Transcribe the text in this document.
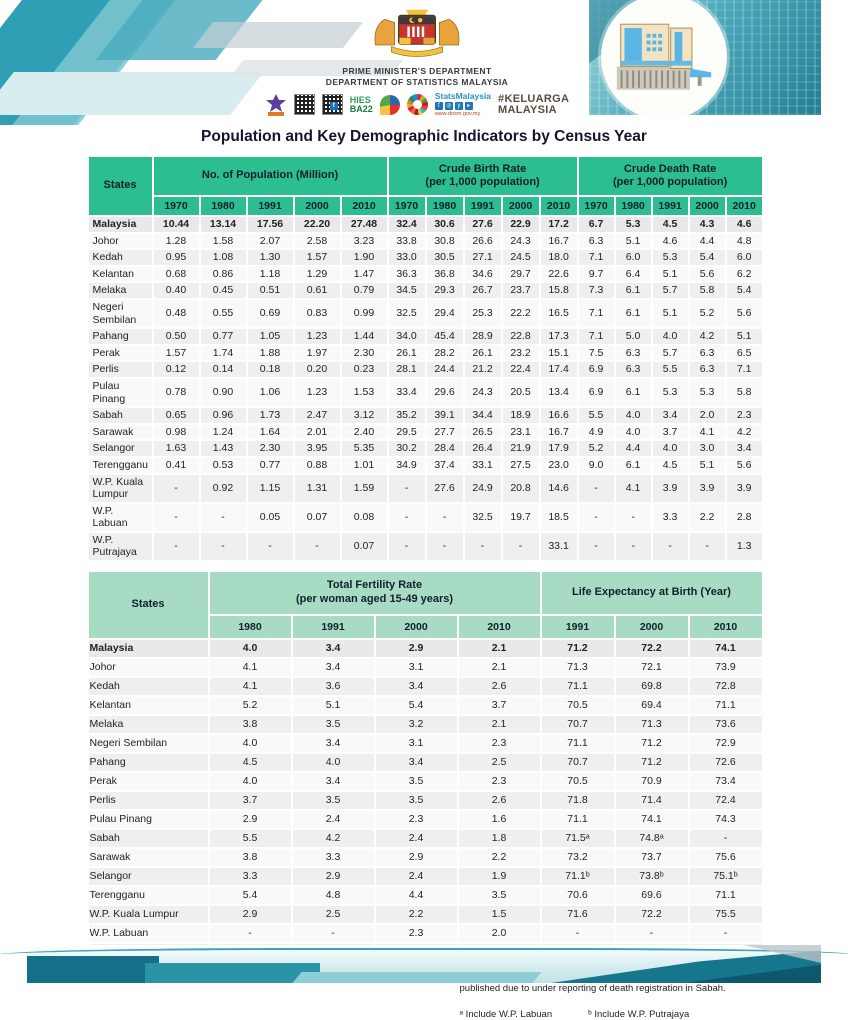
PRIME MINISTER'S DEPARTMENT
DEPARTMENT OF STATISTICS MALAYSIA
f
HIES
BA22
StatsMalaysia
f	◎ y	▸
www.dosm.gov.my
#KELUARGA
MALAYSIA
Population and Key Demographic Indicators by Census Year
States	
No. of Population (Million)

Crude Birth Rate
(per 1,000 population)

Crude Death Rate
(per 1,000 population)

	1970	1980	1991	2000	2010	1970	1980	1991	2000	2010	1970	1980	1991	2000	2010
Malaysia	10.44	13.14	17.56	22.20	27.48	32.4	30.6	27.6	22.9	17.2	6.7	5.3	4.5	4.3	4.6
Johor	1.28	1.58	2.07	2.58	3.23	33.8	30.8	26.6	24.3	16.7	6.3	5.1	4.6	4.4	4.8
Kedah	0.95	1.08	1.30	1.57	1.90	33.0	30.5	27.1	24.5	18.0	7.1	6.0	5.3	5.4	6.0
Kelantan	0.68	0.86	1.18	1.29	1.47	36.3	36.8	34.6	29.7	22.6	9.7	6.4	5.1	5.6	6.2
Melaka	0.40	0.45	0.51	0.61	0.79	34.5	29.3	26.7	23.7	15.8	7.3	6.1	5.7	5.8	5.4
Negeri Sembilan	0.48	0.55	0.69	0.83	0.99	32.5	29.4	25.3	22.2	16.5	7.1	6.1	5.1	5.2	5.6
Pahang	0.50	0.77	1.05	1.23	1.44	34.0	45.4	28.9	22.8	17.3	7.1	5.0	4.0	4.2	5.1
Perak	1.57	1.74	1.88	1.97	2.30	26.1	28.2	26.1	23.2	15.1	7.5	6.3	5.7	6.3	6.5
Perlis	0.12	0.14	0.18	0.20	0.23	28.1	24.4	21.2	22.4	17.4	6.9	6.3	5.5	6.3	7.1
Pulau Pinang	0.78	0.90	1.06	1.23	1.53	33.4	29.6	24.3	20.5	13.4	6.9	6.1	5.3	5.3	5.8
Sabah	0.65	0.96	1.73	2.47	3.12	35.2	39.1	34.4	18.9	16.6	5.5	4.0	3.4	2.0	2.3
Sarawak	0.98	1.24	1.64	2.01	2.40	29.5	27.7	26.5	23.1	16.7	4.9	4.0	3.7	4.1	4.2
Selangor	1.63	1.43	2.30	3.95	5.35	30.2	28.4	26.4	21.9	17.9	5.2	4.4	4.0	3.0	3.4
Terengganu	0.41	0.53	0.77	0.88	1.01	34.9	37.4	33.1	27.5	23.0	9.0	6.1	4.5	5.1	5.6
W.P. Kuala Lumpur	-	0.92	1.15	1.31	1.59	-	27.6	24.9	20.8	14.6	-	4.1	3.9	3.9	3.9
W.P. Labuan	-	-	0.05	0.07	0.08	-	-	32.5	19.7	18.5	-	-	3.3	2.2	2.8
W.P. Putrajaya	-	-	-	-	0.07	-	-	-	-	33.1	-	-	-	-	1.3
States	Total Fertility Rate
(per woman aged 15-49 years)				Life Expectancy at Birth (Year)		

	1980	1991	2000	2010	1991	2000	2010
Malaysia	4.0	3.4	2.9	2.1	71.2	72.2	74.1
Johor	4.1	3.4	3.1	2.1	71.3	72.1	73.9
Kedah	4.1	3.6	3.4	2.6	71.1	69.8	72.8
Kelantan	5.2	5.1	5.4	3.7	70.5	69.4	71.1
Melaka	3.8	3.5	3.2	2.1	70.7	71.3	73.6
Negeri Sembilan	4.0	3.4	3.1	2.3	71.1	71.2	72.9
Pahang	4.5	4.0	3.4	2.5	70.7	71.2	72.6
Perak	4.0	3.4	3.5	2.3	70.5	70.9	73.4
Perlis	3.7	3.5	3.5	2.6	71.8	71.4	72.4
Pulau Pinang	2.9	2.4	2.3	1.6	71.1	74.1	74.3
Sabah	5.5	4.2	2.4	1.8	71.5ᵃ	74.8ᵃ	-
Sarawak	3.8	3.3	2.9	2.2	73.2	73.7	75.6
Selangor	3.3	2.9	2.4	1.9	71.1ᵇ	73.8ᵇ	75.1ᵇ
Terengganu	5.4	4.8	4.4	3.5	70.6	69.6	71.1
W.P. Kuala Lumpur	2.9	2.5	2.2	1.5	71.6	72.2	75.5
W.P. Labuan	-	-	2.3	2.0	-	-	-

published due to under reporting of death registration in Sabah.
ᵃ Include W.P. Labuan	ᵇ Include W.P. Putrajaya
